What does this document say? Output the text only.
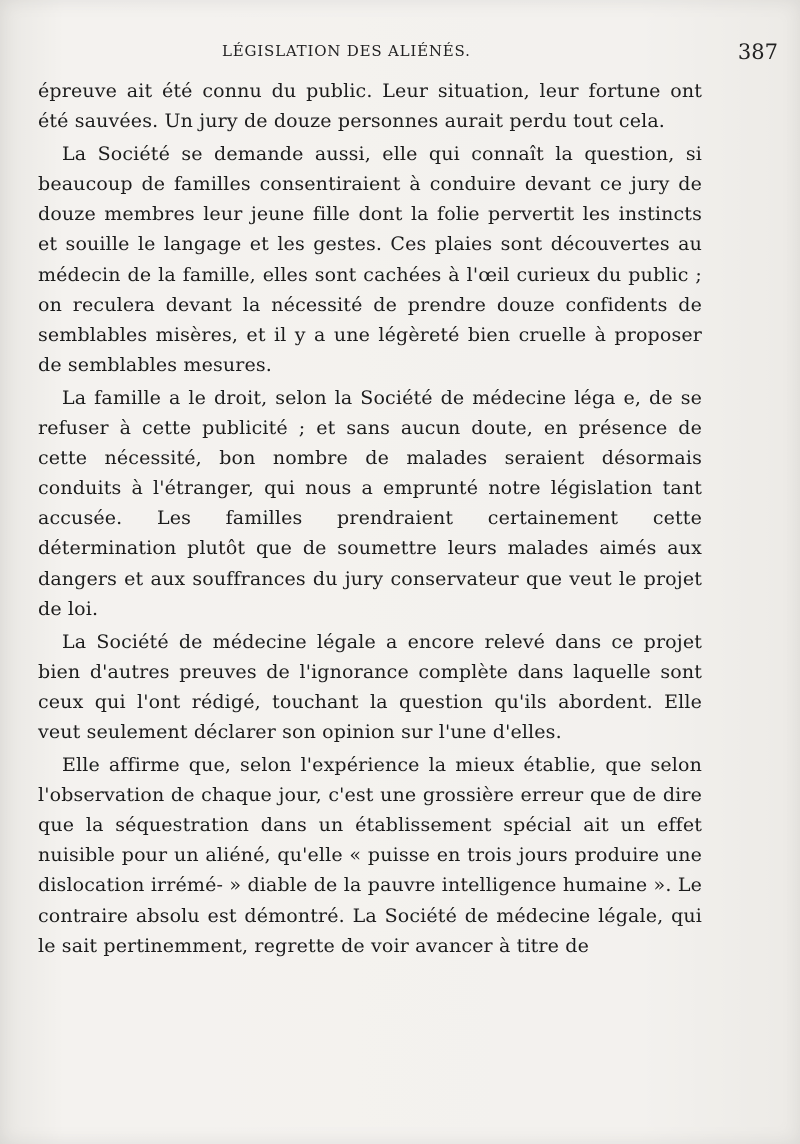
LÉGISLATION DES ALIÉNÉS.	387

épreuve ait été connu du public. Leur situation, leur fortune ont été sauvées. Un jury de douze personnes aurait perdu tout cela.

La Société se demande aussi, elle qui connaît la question, si beaucoup de familles consentiraient à conduire devant ce jury de douze membres leur jeune fille dont la folie pervertit les instincts et souille le langage et les gestes. Ces plaies sont découvertes au médecin de la famille, elles sont cachées à l'œil curieux du public ; on reculera devant la nécessité de prendre douze confidents de semblables misères, et il y a une légèreté bien cruelle à proposer de semblables mesures.

La famille a le droit, selon la Société de médecine léga e, de se refuser à cette publicité ; et sans aucun doute, en présence de cette nécessité, bon nombre de malades seraient désormais conduits à l'étranger, qui nous a emprunté notre législation tant accusée. Les familles prendraient certainement cette détermination plutôt que de soumettre leurs malades aimés aux dangers et aux souffrances du jury conservateur que veut le projet de loi.

La Société de médecine légale a encore relevé dans ce projet bien d'autres preuves de l'ignorance complète dans laquelle sont ceux qui l'ont rédigé, touchant la question qu'ils abordent. Elle veut seulement déclarer son opinion sur l'une d'elles.

Elle affirme que, selon l'expérience la mieux établie, que selon l'observation de chaque jour, c'est une grossière erreur que de dire que la séquestration dans un établissement spécial ait un effet nuisible pour un aliéné, qu'elle « puisse en trois jours produire une dislocation irrémé- » diable de la pauvre intelligence humaine ». Le contraire absolu est démontré. La Société de médecine légale, qui le sait pertinemment, regrette de voir avancer à titre de
